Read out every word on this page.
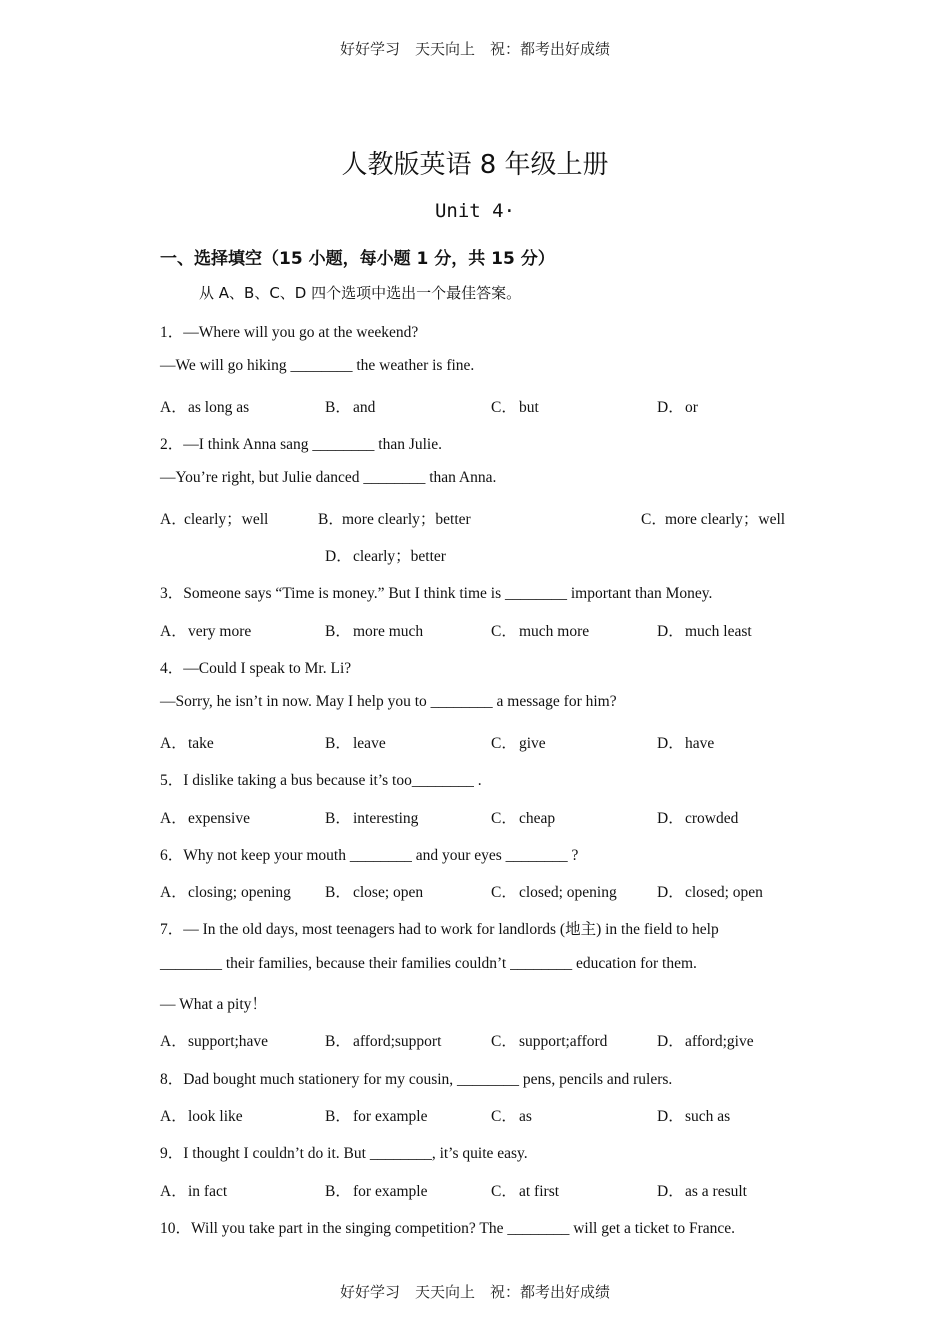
好好学习　天天向上　祝：都考出好成绩
人教版英语 8 年级上册
Unit 4·
一、选择填空（15 小题，每小题 1 分，共 15 分）
从 A、B、C、D 四个选项中选出一个最佳答案。
1．—Where will you go at the weekend?
—We will go hiking ________ the weather is fine.
A．as long as	B． and	C． but	D．or
2．—I think Anna sang ________ than Julie.
—You’re right, but Julie danced ________ than Anna.
A．clearly；well	B．more clearly；better	C．more clearly；well
D．clearly；better
3．Someone says “Time is money.” But I think time is ________ important than Money.
A．very more	B． more much	C． much more	D．much least
4．—Could I speak to Mr. Li?
—Sorry, he isn’t in now. May I help you to ________ a message for him?
A．take	B． leave	C． give	D．have
5．I dislike taking a bus because it’s too________ .
A．expensive	B． interesting	C． cheap	D．crowded
6．Why not keep your mouth ________ and your eyes ________ ?
A．closing; opening B． close; open	C． closed; opening	D．closed; open
7．— In the old days, most teenagers had to work for landlords (地主) in the field to help
________ their families, because their families couldn’t ________ education for them.
— What a pity！
A．support;have	B． afford;support	C． support;afford	D．afford;give
8．Dad bought much stationery for my cousin, ________ pens, pencils and rulers.
A．look like	B． for example	C． as	D．such as
9．I thought I couldn’t do it. But ________, it’s quite easy.
A．in fact	B． for example	C． at first	D．as a result
10．Will you take part in the singing competition? The ________ will get a ticket to France.
好好学习　天天向上　祝：都考出好成绩
